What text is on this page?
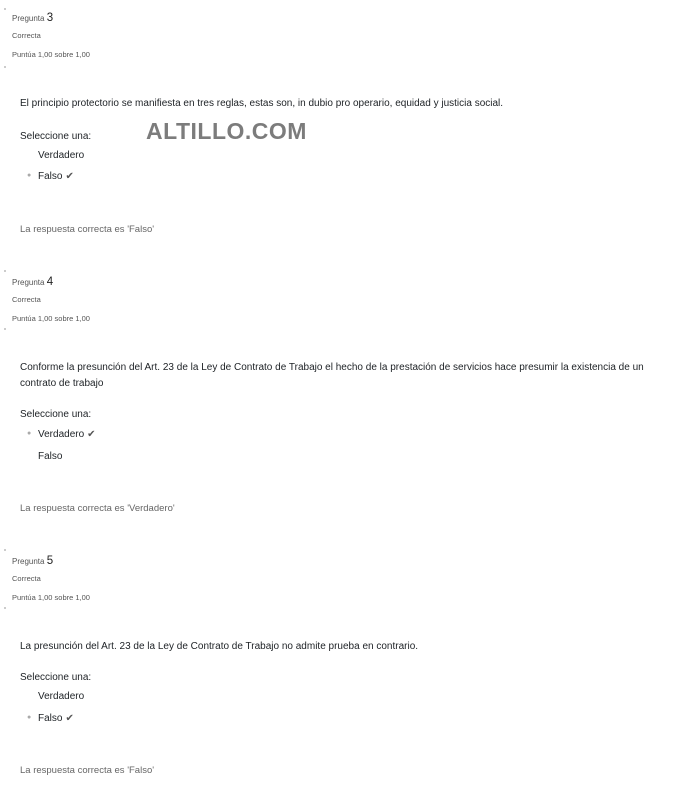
ALTILLO.COM
Pregunta 3
Correcta
Puntúa 1,00 sobre 1,00
El principio protectorio se manifiesta en tres reglas, estas son, in dubio pro operario, equidad y justicia social.
Seleccione una:
Verdadero
● Falso ✔
La respuesta correcta es 'Falso'
Pregunta 4
Correcta
Puntúa 1,00 sobre 1,00
Conforme la presunción del Art. 23 de la Ley de Contrato de Trabajo el hecho de la prestación de servicios hace presumir la existencia de un contrato de trabajo
Seleccione una:
● Verdadero ✔
Falso
La respuesta correcta es 'Verdadero'
Pregunta 5
Correcta
Puntúa 1,00 sobre 1,00
La presunción del Art. 23 de la Ley de Contrato de Trabajo no admite prueba en contrario.
Seleccione una:
Verdadero
● Falso ✔
La respuesta correcta es 'Falso'
